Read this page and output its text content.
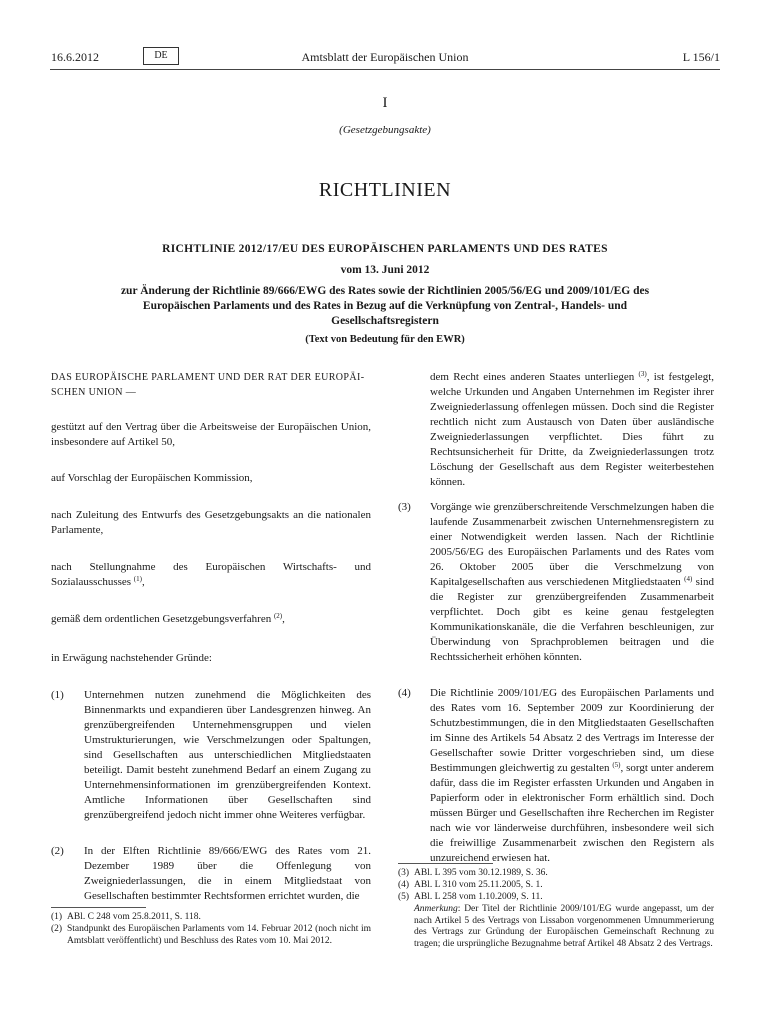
16.6.2012	DE	Amtsblatt der Europäischen Union	L 156/1
I
(Gesetzgebungsakte)
RICHTLINIEN
RICHTLINIE 2012/17/EU DES EUROPÄISCHEN PARLAMENTS UND DES RATES
vom 13. Juni 2012
zur Änderung der Richtlinie 89/666/EWG des Rates sowie der Richtlinien 2005/56/EG und 2009/101/EG des Europäischen Parlaments und des Rates in Bezug auf die Verknüpfung von Zentral-, Handels- und Gesellschaftsregistern
(Text von Bedeutung für den EWR)
DAS EUROPÄISCHE PARLAMENT UND DER RAT DER EUROPÄI-
SCHEN UNION —
gestützt auf den Vertrag über die Arbeitsweise der Europäischen Union, insbesondere auf Artikel 50,
auf Vorschlag der Europäischen Kommission,
nach Zuleitung des Entwurfs des Gesetzgebungsakts an die nationalen Parlamente,
nach Stellungnahme des Europäischen Wirtschafts- und Sozialausschusses $^{(1)}$,
gemäß dem ordentlichen Gesetzgebungsverfahren $^{(2)}$,
in Erwägung nachstehender Gründe:
(1) Unternehmen nutzen zunehmend die Möglichkeiten des Binnenmarkts und expandieren über Landesgrenzen hinweg. An grenzübergreifenden Unternehmensgruppen und vielen Umstrukturierungen, wie Verschmelzungen oder Spaltungen, sind Gesellschaften aus unterschiedlichen Mitgliedstaaten beteiligt. Damit besteht zunehmend Bedarf an einem Zugang zu Unternehmensinformationen im grenzübergreifenden Kontext. Amtliche Informationen über Gesellschaften sind grenzübergreifend jedoch nicht immer ohne Weiteres verfügbar.
(2) In der Elften Richtlinie 89/666/EWG des Rates vom 21. Dezember 1989 über die Offenlegung von Zweigniederlassungen, die in einem Mitgliedstaat von Gesellschaften bestimmter Rechtsformen errichtet wurden, die
(1) ABl. C 248 vom 25.8.2011, S. 118.
(2) Standpunkt des Europäischen Parlaments vom 14. Februar 2012 (noch nicht im Amtsblatt veröffentlicht) und Beschluss des Rates vom 10. Mai 2012.
dem Recht eines anderen Staates unterliegen $^{(3)}$, ist festgelegt, welche Urkunden und Angaben Unternehmen im Register ihrer Zweigniederlassung offenlegen müssen. Doch sind die Register rechtlich nicht zum Austausch von Daten über ausländische Zweigniederlassungen verpflichtet. Dies führt zu Rechtsunsicherheit für Dritte, da Zweigniederlassungen trotz Löschung der Gesellschaft aus dem Register weiterbestehen können.
(3) Vorgänge wie grenzüberschreitende Verschmelzungen haben die laufende Zusammenarbeit zwischen Unternehmensregistern zu einer Notwendigkeit werden lassen. Nach der Richtlinie 2005/56/EG des Europäischen Parlaments und des Rates vom 26. Oktober 2005 über die Verschmelzung von Kapitalgesellschaften aus verschiedenen Mitgliedstaaten $^{(4)}$ sind die Register zur grenzübergreifenden Zusammenarbeit verpflichtet. Doch gibt es keine genau festgelegten Kommunikationskanäle, die die Verfahren beschleunigen, zur Überwindung von Sprachproblemen beitragen und die Rechtssicherheit erhöhen könnten.
(4) Die Richtlinie 2009/101/EG des Europäischen Parlaments und des Rates vom 16. September 2009 zur Koordinierung der Schutzbestimmungen, die in den Mitgliedstaaten Gesellschaften im Sinne des Artikels 54 Absatz 2 des Vertrags im Interesse der Gesellschafter sowie Dritter vorgeschrieben sind, um diese Bestimmungen gleichwertig zu gestalten $^{(5)}$, sorgt unter anderem dafür, dass die im Register erfassten Urkunden und Angaben in Papierform oder in elektronischer Form erhältlich sind. Doch müssen Bürger und Gesellschaften ihre Recherchen im Register nach wie vor länderweise durchführen, insbesondere weil sich die freiwillige Zusammenarbeit zwischen den Registern als unzureichend erwiesen hat.
(3) ABl. L 395 vom 30.12.1989, S. 36.
(4) ABl. L 310 vom 25.11.2005, S. 1.
(5) ABl. L 258 vom 1.10.2009, S. 11.
Anmerkung: Der Titel der Richtlinie 2009/101/EG wurde angepasst, um der nach Artikel 5 des Vertrags von Lissabon vorgenommenen Umnummerierung des Vertrags zur Gründung der Europäischen Gemeinschaft Rechnung zu tragen; die ursprüngliche Bezugnahme betraf Artikel 48 Absatz 2 des Vertrags.
